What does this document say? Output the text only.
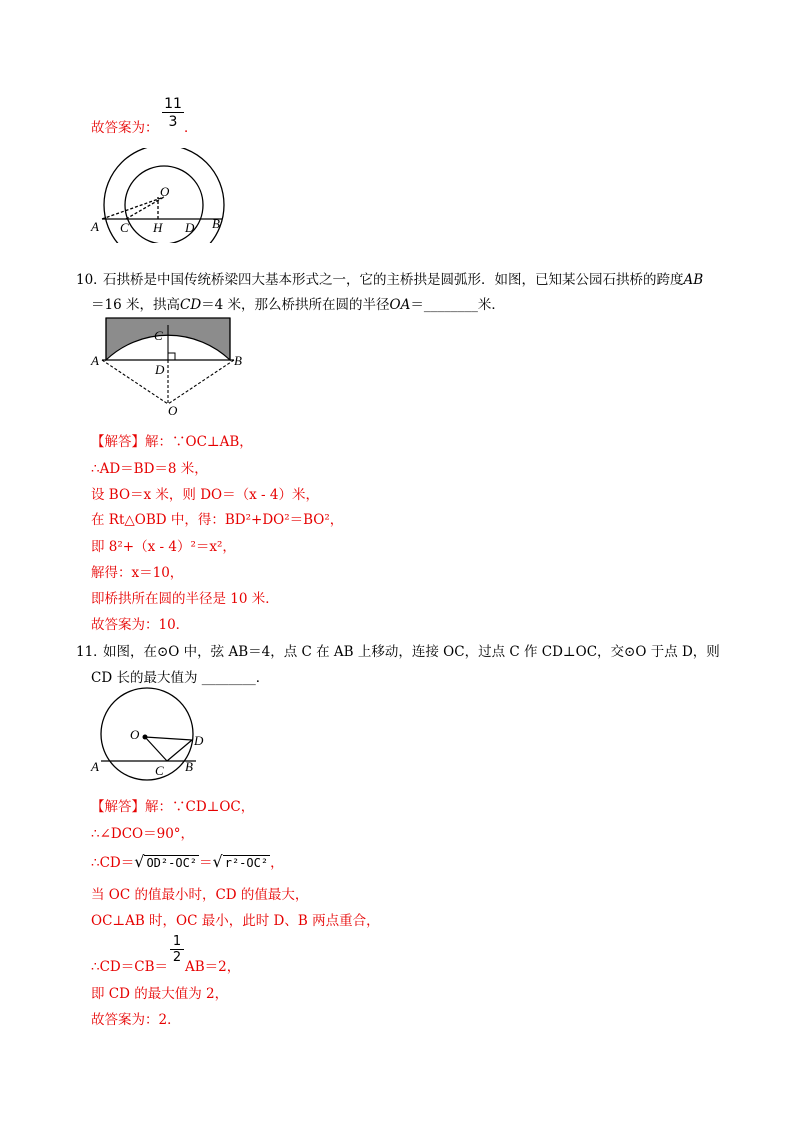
故答案为： $\frac{11}{3}$ ．
O
A C H D B
10．
石拱桥是中国传统桥梁四大基本形式之一，它的主桥拱是圆弧形．如图，已知某公园石拱桥的跨度AB
＝16 米，拱高CD＝4 米，那么桥拱所在圆的半径OA＝________米．
C
A
D
B
O
【解答】解：∵OC⊥AB，
∴AD＝BD＝8 米，
设 BO＝x 米，则 DO＝（x - 4）米，
在 Rt△OBD 中，得：BD²+DO²＝BO²，
即 8²+（x - 4）²＝x²，
解得：x＝10，
即桥拱所在圆的半径是 10 米．
故答案为：10．
11．
如图，在⊙O 中，弦 AB＝4，点 C 在 AB 上移动，连接 OC，过点 C 作 CD⊥OC，交⊙O 于点 D，则
CD 长的最大值为 ________．
O	D
A	C B
【解答】解：∵CD⊥OC，
∴∠DCO＝90°，
∴CD＝√ OD²-OC² ＝√ r²-OC² ，
当 OC 的值最小时，CD 的值最大，
OC⊥AB 时，OC 最小，此时 D、B 两点重合，
∴CD＝CB＝
$\frac{1}{2}$
AB＝2，
即 CD 的最大值为 2，
故答案为：2．
